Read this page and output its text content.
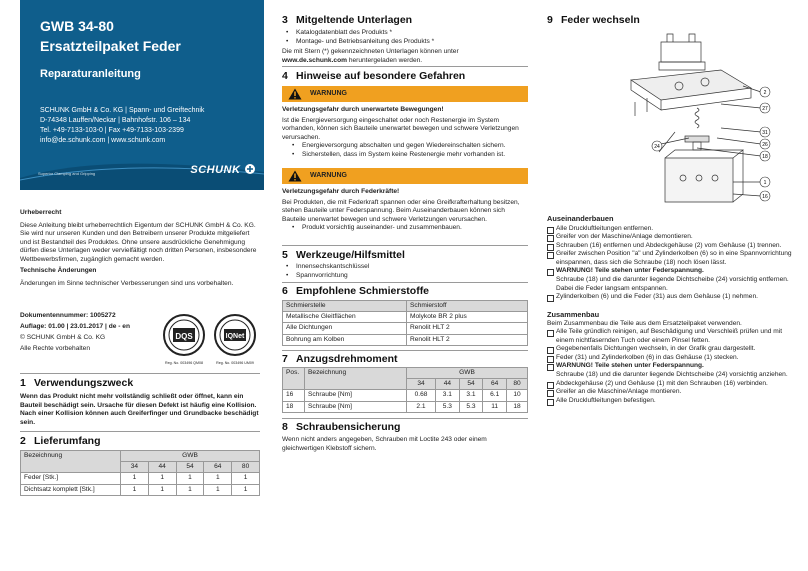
GWB 34-80
Ersatzteilpaket Feder
Reparaturanleitung
SCHUNK GmbH & Co. KG | Spann- und Greiftechnik
D-74348 Lauffen/Neckar | Bahnhofstr. 106 – 134
Tel. +49-7133-103-0 | Fax +49-7133-103-2399
info@de.schunk.com | www.schunk.com
Superior Clamping and Gripping	SCHUNK
Urheberrecht
Diese Anleitung bleibt urheberrechtlich Eigentum der SCHUNK GmbH & Co. KG. Sie wird nur unseren Kunden und den Betreibern unserer Produkte mitgeliefert und ist Bestandteil des Produktes. Ohne unsere ausdrückliche Genehmigung dürfen diese Unterlagen weder vervielfältigt noch dritten Personen, insbesondere Wettbewerbsfirmen, zugänglich gemacht werden.
Technische Änderungen
Änderungen im Sinne technischer Verbesserungen sind uns vorbehalten.
Dokumentennummer: 1005272
Auflage: 01.00 | 23.01.2017 | de - en
© SCHUNK GmbH & Co. KG
Alle Rechte vorbehalten
DQS
Reg. No. 003496 QM08
IQNet
Reg. No. 003496 UM09
1 Verwendungszweck
Wenn das Produkt nicht mehr vollständig schließt oder öffnet, kann ein Bauteil beschädigt sein. Ursache für diesen Defekt ist häufig eine Kollision. Nach einer Kollision können auch Greiferfinger und Grundbacke beschädigt sein.
2 Lieferumfang
Bezeichnung	GWB				
	34	44	54	64	80
Feder [Stk.]	1	1	1	1	1
Dichtsatz komplett [Stk.]	1	1	1	1	1
3 Mitgeltende Unterlagen
• Katalogdatenblatt des Produkts *
• Montage- und Betriebsanleitung des Produkts *
Die mit Stern (*) gekennzeichneten Unterlagen können unter
www.de.schunk.com heruntergeladen werden.
4 Hinweise auf besondere Gefahren
WARNUNG
Verletzungsgefahr durch unerwartete Bewegungen!
Ist die Energieversorgung eingeschaltet oder noch Restenergie im System vorhanden, können sich Bauteile unerwartet bewegen und schwere Verletzungen verursachen.
• Energieversorgung abschalten und gegen Wiedereinschalten sichern.
• Sicherstellen, dass im System keine Restenergie mehr vorhanden ist.
WARNUNG
Verletzungsgefahr durch Federkräfte!
Bei Produkten, die mit Federkraft spannen oder eine Greifkrafterhaltung besitzen, stehen Bauteile unter Federspannung. Beim Auseinanderbauen können sich Bauteile unerwartet bewegen und schwere Verletzungen verursachen.
• Produkt vorsichtig auseinander- und zusammenbauen.
5 Werkzeuge/Hilfsmittel
• Innensechskantschlüssel
• Spannvorrichtung
6 Empfohlene Schmierstoffe
Schmierstelle	Schmierstoff
Metallische Gleitflächen	Molykote BR 2 plus
Alle Dichtungen	Renolit HLT 2
Bohrung am Kolben	Renolit HLT 2
7 Anzugsdrehmoment
Pos.	Bezeichnung	GWB				
		34	44	54	64	80
16	Schraube [Nm]	0.68	3.1	3.1	6.1	10
18	Schraube [Nm]	2.1	5.3	5.3	11	18
8 Schraubensicherung
Wenn nicht anders angegeben, Schrauben mit Loctite 243 oder einem gleichwertigen Klebstoff sichern.
9 Feder wechseln
2
27
31
26
24
18
1
16
Auseinanderbauen
Alle Druckluftleitungen entfernen.
Greifer von der Maschine/Anlage demontieren.
Schrauben (16) entfernen und Abdeckgehäuse (2) vom Gehäuse (1) trennen.
Greifer zwischen Position "a" und Zylinderkolben (6) so in eine Spannvorrichtung einspannen, dass sich die Schraube (18) noch lösen lässt.
WARNUNG! Teile stehen unter Federspannung.
Schraube (18) und die darunter liegende Dichtscheibe (24) vorsichtig entfernen. Dabei die Feder langsam entspannen.
Zylinderkolben (6) und die Feder (31) aus dem Gehäuse (1) nehmen.
Zusammenbau
Beim Zusammenbau die Teile aus dem Ersatzteilpaket verwenden.
Alle Teile gründlich reinigen, auf Beschädigung und Verschleiß prüfen und mit einem nichtfasernden Tuch oder einem Pinsel fetten.
Gegebenenfalls Dichtungen wechseln, in der Grafik grau dargestellt.
Feder (31) und Zylinderkolben (6) in das Gehäuse (1) stecken.
WARNUNG! Teile stehen unter Federspannung.
Schraube (18) und die darunter liegende Dichtscheibe (24) vorsichtig anziehen.
Abdeckgehäuse (2) und Gehäuse (1) mit den Schrauben (16) verbinden.
Greifer an die Maschine/Anlage montieren.
Alle Druckluftleitungen befestigen.
